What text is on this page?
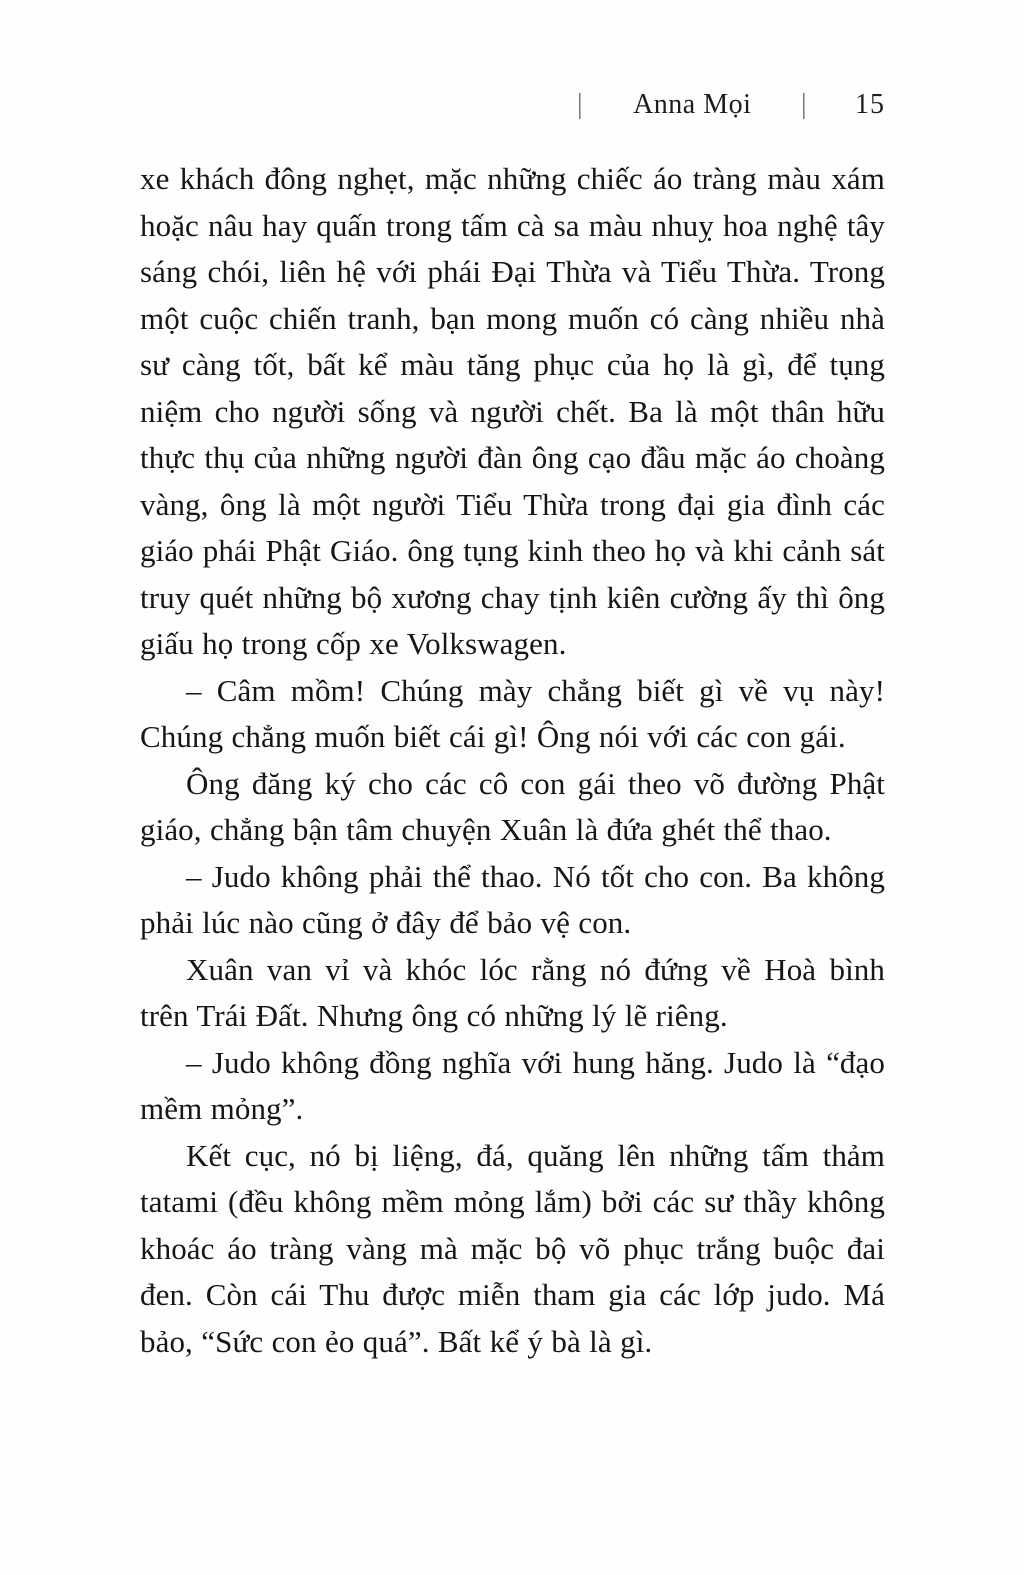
| Anna Mọi | 15

xe khách đông nghẹt, mặc những chiếc áo tràng màu xám hoặc nâu hay quấn trong tấm cà sa màu nhuỵ hoa nghệ tây sáng chói, liên hệ với phái Đại Thừa và Tiểu Thừa. Trong một cuộc chiến tranh, bạn mong muốn có càng nhiều nhà sư càng tốt, bất kể màu tăng phục của họ là gì, để tụng niệm cho người sống và người chết. Ba là một thân hữu thực thụ của những người đàn ông cạo đầu mặc áo choàng vàng, ông là một người Tiểu Thừa trong đại gia đình các giáo phái Phật Giáo. ông tụng kinh theo họ và khi cảnh sát truy quét những bộ xương chay tịnh kiên cường ấy thì ông giấu họ trong cốp xe Volkswagen.

– Câm mồm! Chúng mày chẳng biết gì về vụ này! Chúng chẳng muốn biết cái gì! Ông nói với các con gái.

Ông đăng ký cho các cô con gái theo võ đường Phật giáo, chẳng bận tâm chuyện Xuân là đứa ghét thể thao.

– Judo không phải thể thao. Nó tốt cho con. Ba không phải lúc nào cũng ở đây để bảo vệ con.

Xuân van vỉ và khóc lóc rằng nó đứng về Hoà bình trên Trái Đất. Nhưng ông có những lý lẽ riêng.

– Judo không đồng nghĩa với hung hăng. Judo là “đạo mềm mỏng”.

Kết cục, nó bị liệng, đá, quăng lên những tấm thảm tatami (đều không mềm mỏng lắm) bởi các sư thầy không khoác áo tràng vàng mà mặc bộ võ phục trắng buộc đai đen. Còn cái Thu được miễn tham gia các lớp judo. Má bảo, “Sức con ẻo quá”. Bất kể ý bà là gì.
